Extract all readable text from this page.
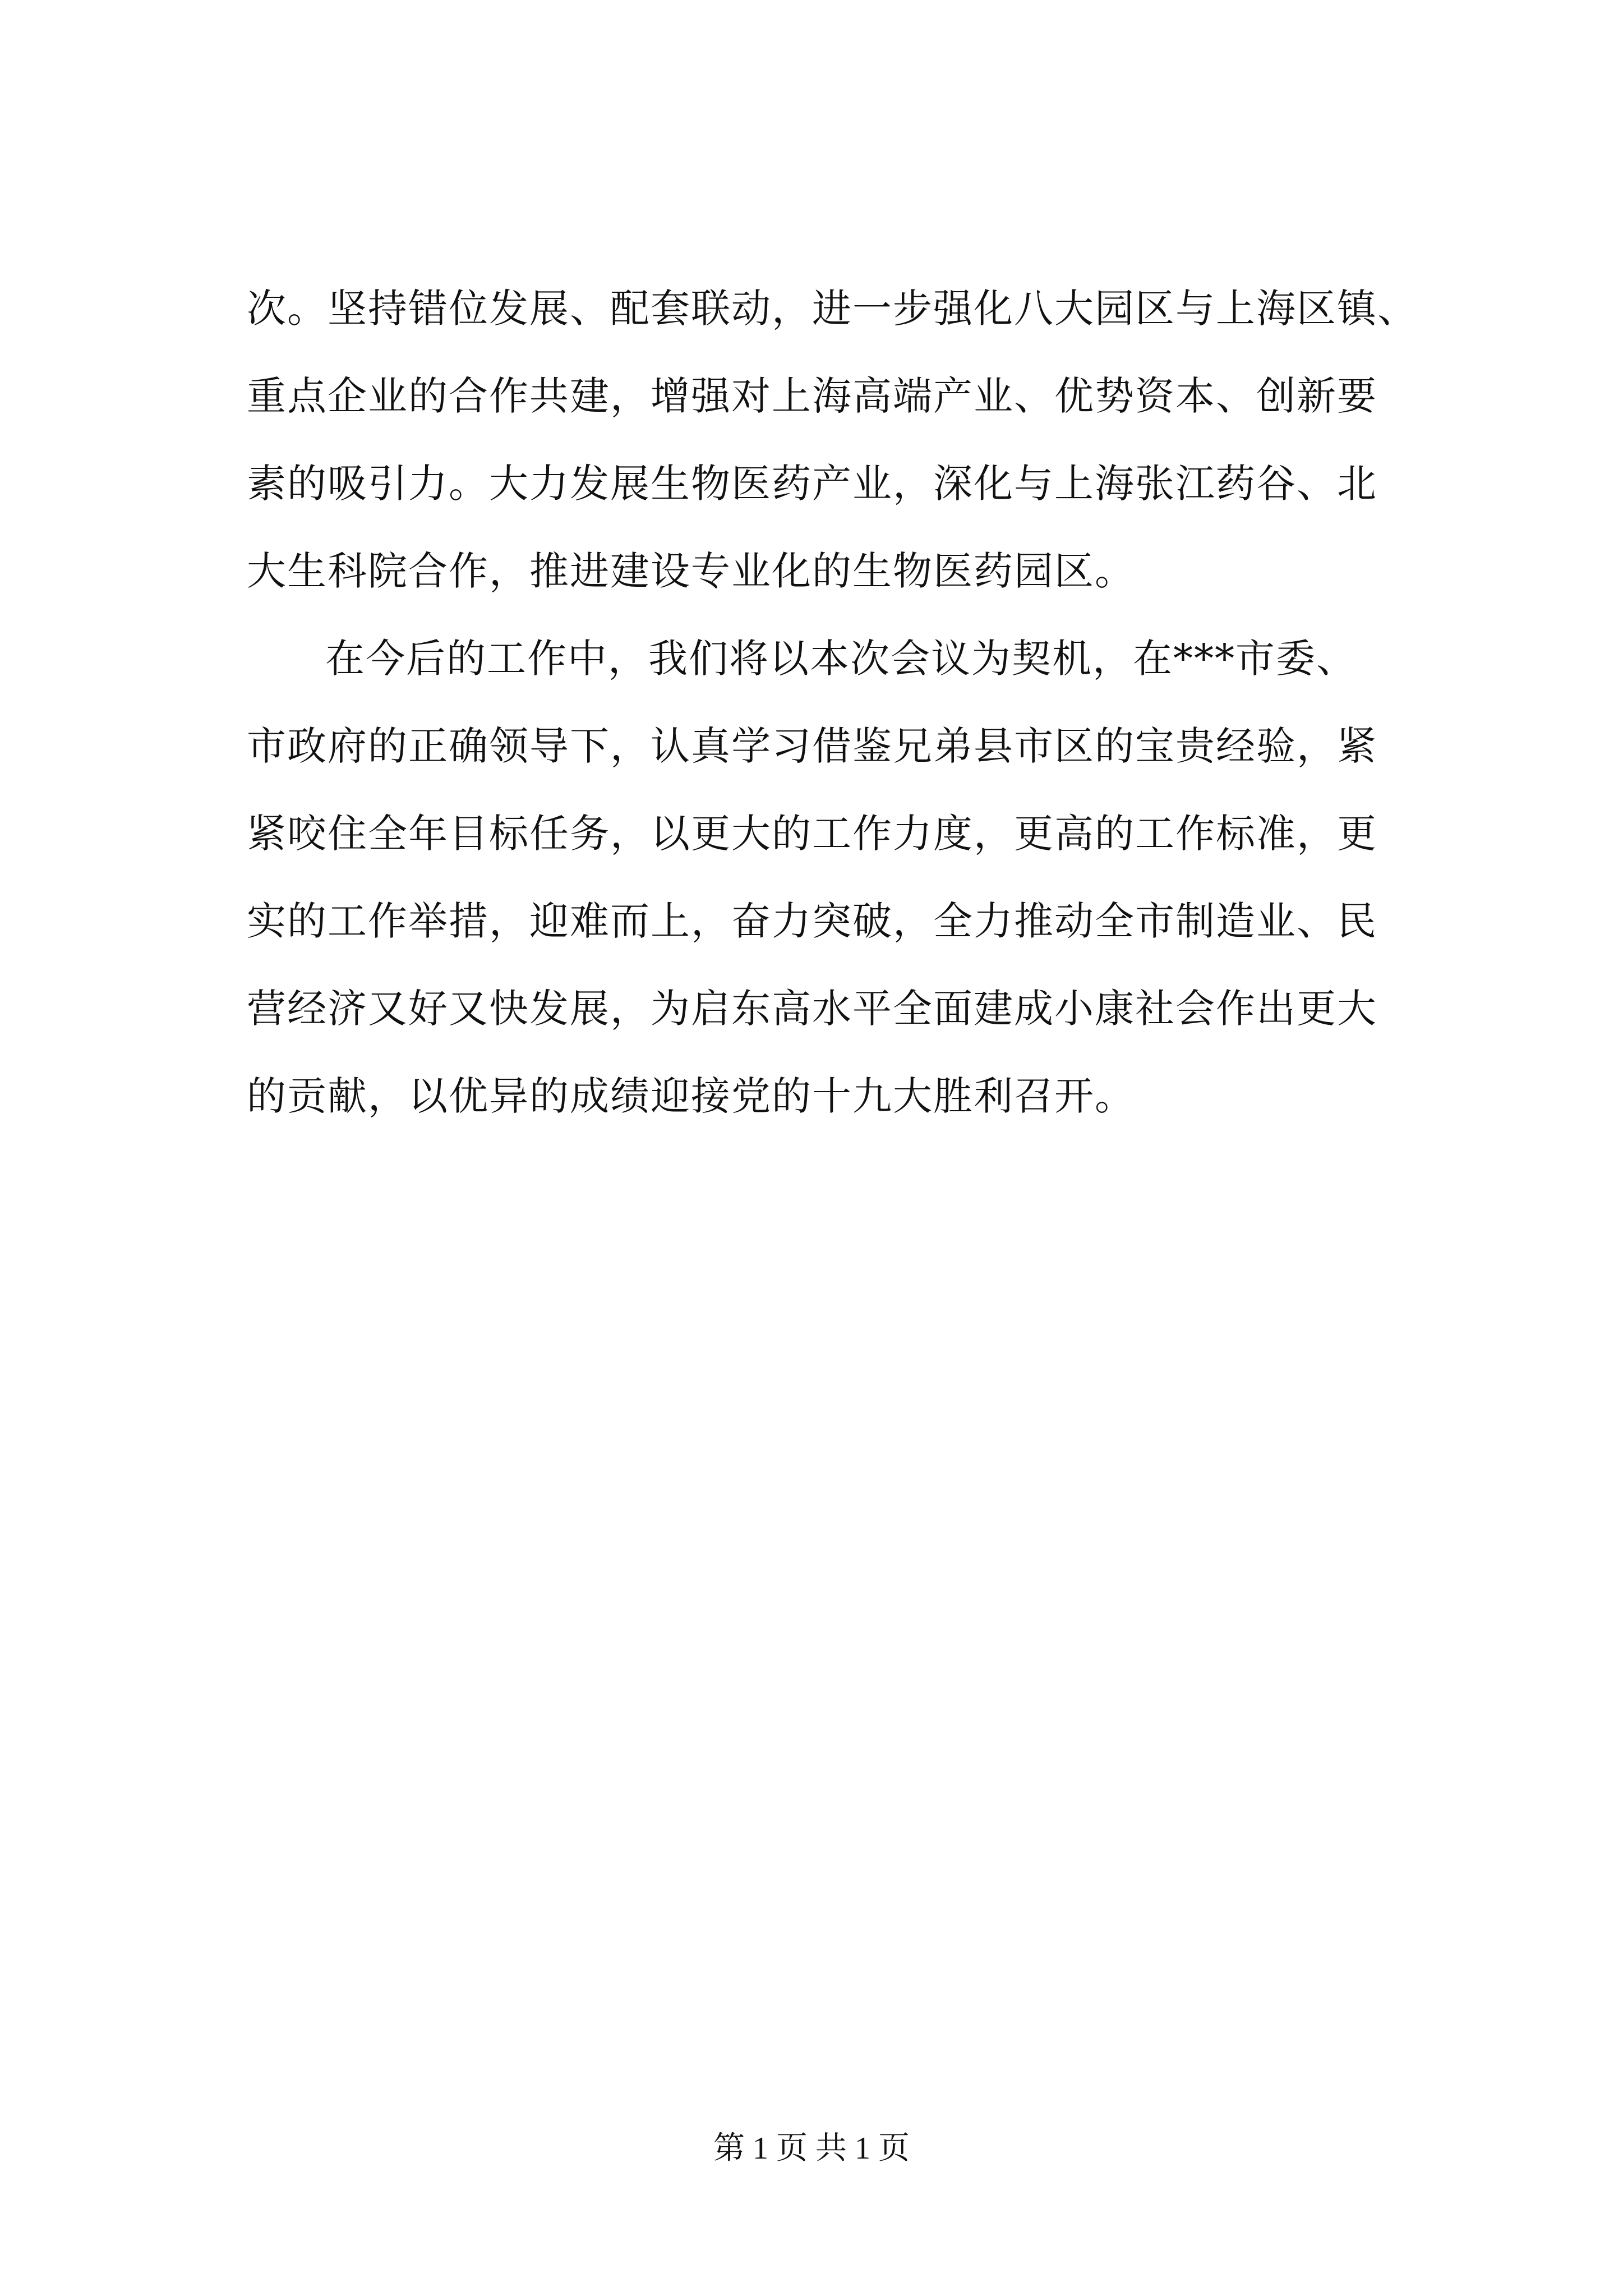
次。坚持错位发展、配套联动，进一步强化八大园区与上海区镇、
重点企业的合作共建，增强对上海高端产业、优势资本、创新要
素的吸引力。大力发展生物医药产业，深化与上海张江药谷、北
大生科院合作，推进建设专业化的生物医药园区。
在今后的工作中，我们将以本次会议为契机，在***市委、
市政府的正确领导下，认真学习借鉴兄弟县市区的宝贵经验，紧
紧咬住全年目标任务，以更大的工作力度，更高的工作标准，更
实的工作举措，迎难而上，奋力突破，全力推动全市制造业、民
营经济又好又快发展，为启东高水平全面建成小康社会作出更大
的贡献，以优异的成绩迎接党的十九大胜利召开。
第 1 页 共 1 页
